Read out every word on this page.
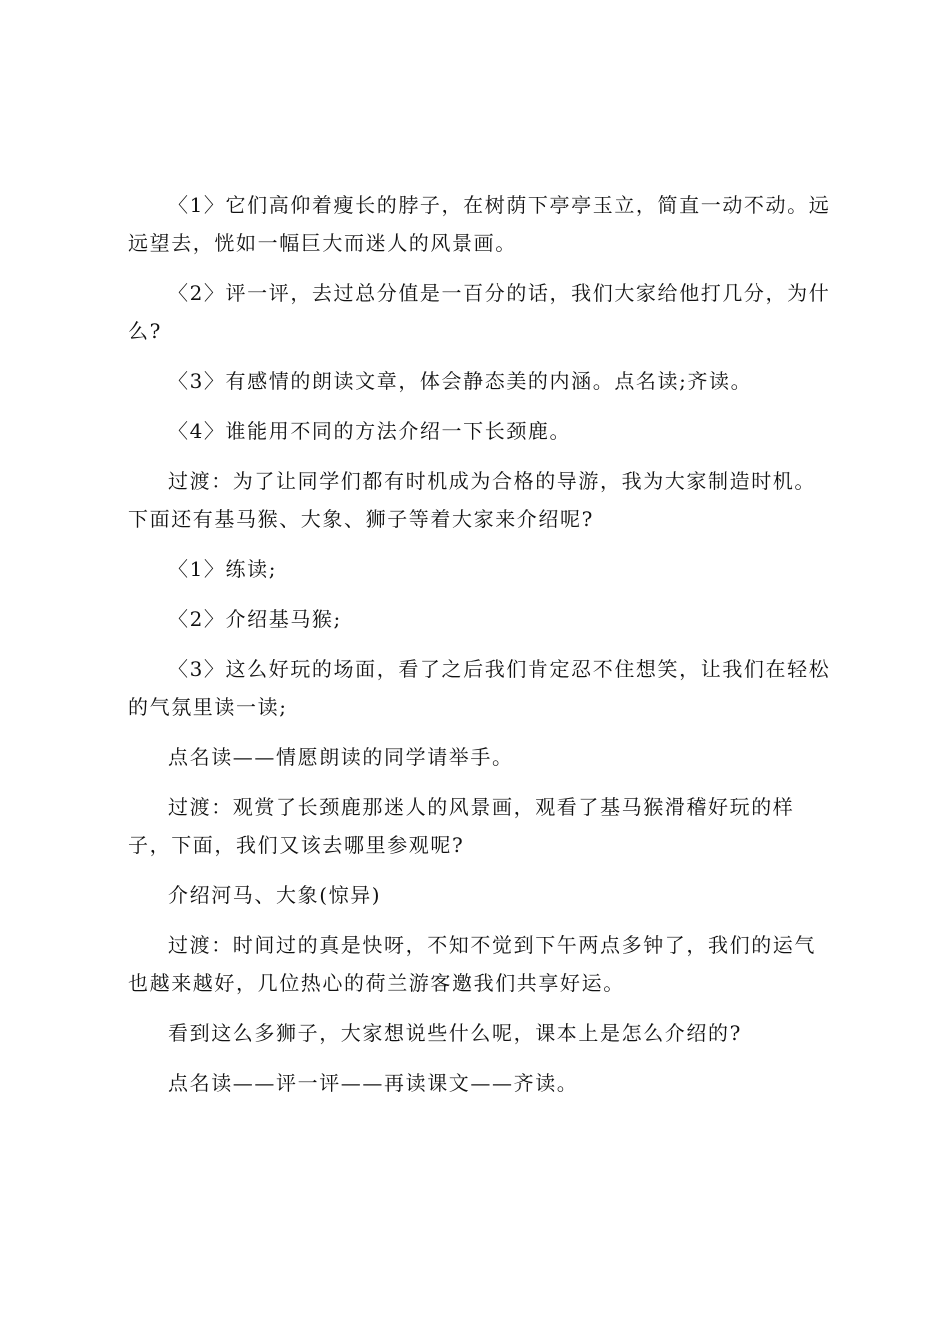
〈1〉它们高仰着瘦长的脖子，在树荫下亭亭玉立，简直一动不动。远远望去，恍如一幅巨大而迷人的风景画。

〈2〉评一评，去过总分值是一百分的话，我们大家给他打几分，为什么?

〈3〉有感情的朗读文章，体会静态美的内涵。点名读;齐读。

〈4〉谁能用不同的方法介绍一下长颈鹿。

过渡：为了让同学们都有时机成为合格的导游，我为大家制造时机。下面还有基马猴、大象、狮子等着大家来介绍呢?

〈1〉练读;

〈2〉介绍基马猴;

〈3〉这么好玩的场面，看了之后我们肯定忍不住想笑，让我们在轻松的气氛里读一读;

点名读——情愿朗读的同学请举手。

过渡：观赏了长颈鹿那迷人的风景画，观看了基马猴滑稽好玩的样子，下面，我们又该去哪里参观呢?

介绍河马、大象(惊异)

过渡：时间过的真是快呀，不知不觉到下午两点多钟了，我们的运气也越来越好，几位热心的荷兰游客邀我们共享好运。

看到这么多狮子，大家想说些什么呢，课本上是怎么介绍的?

点名读——评一评——再读课文——齐读。
